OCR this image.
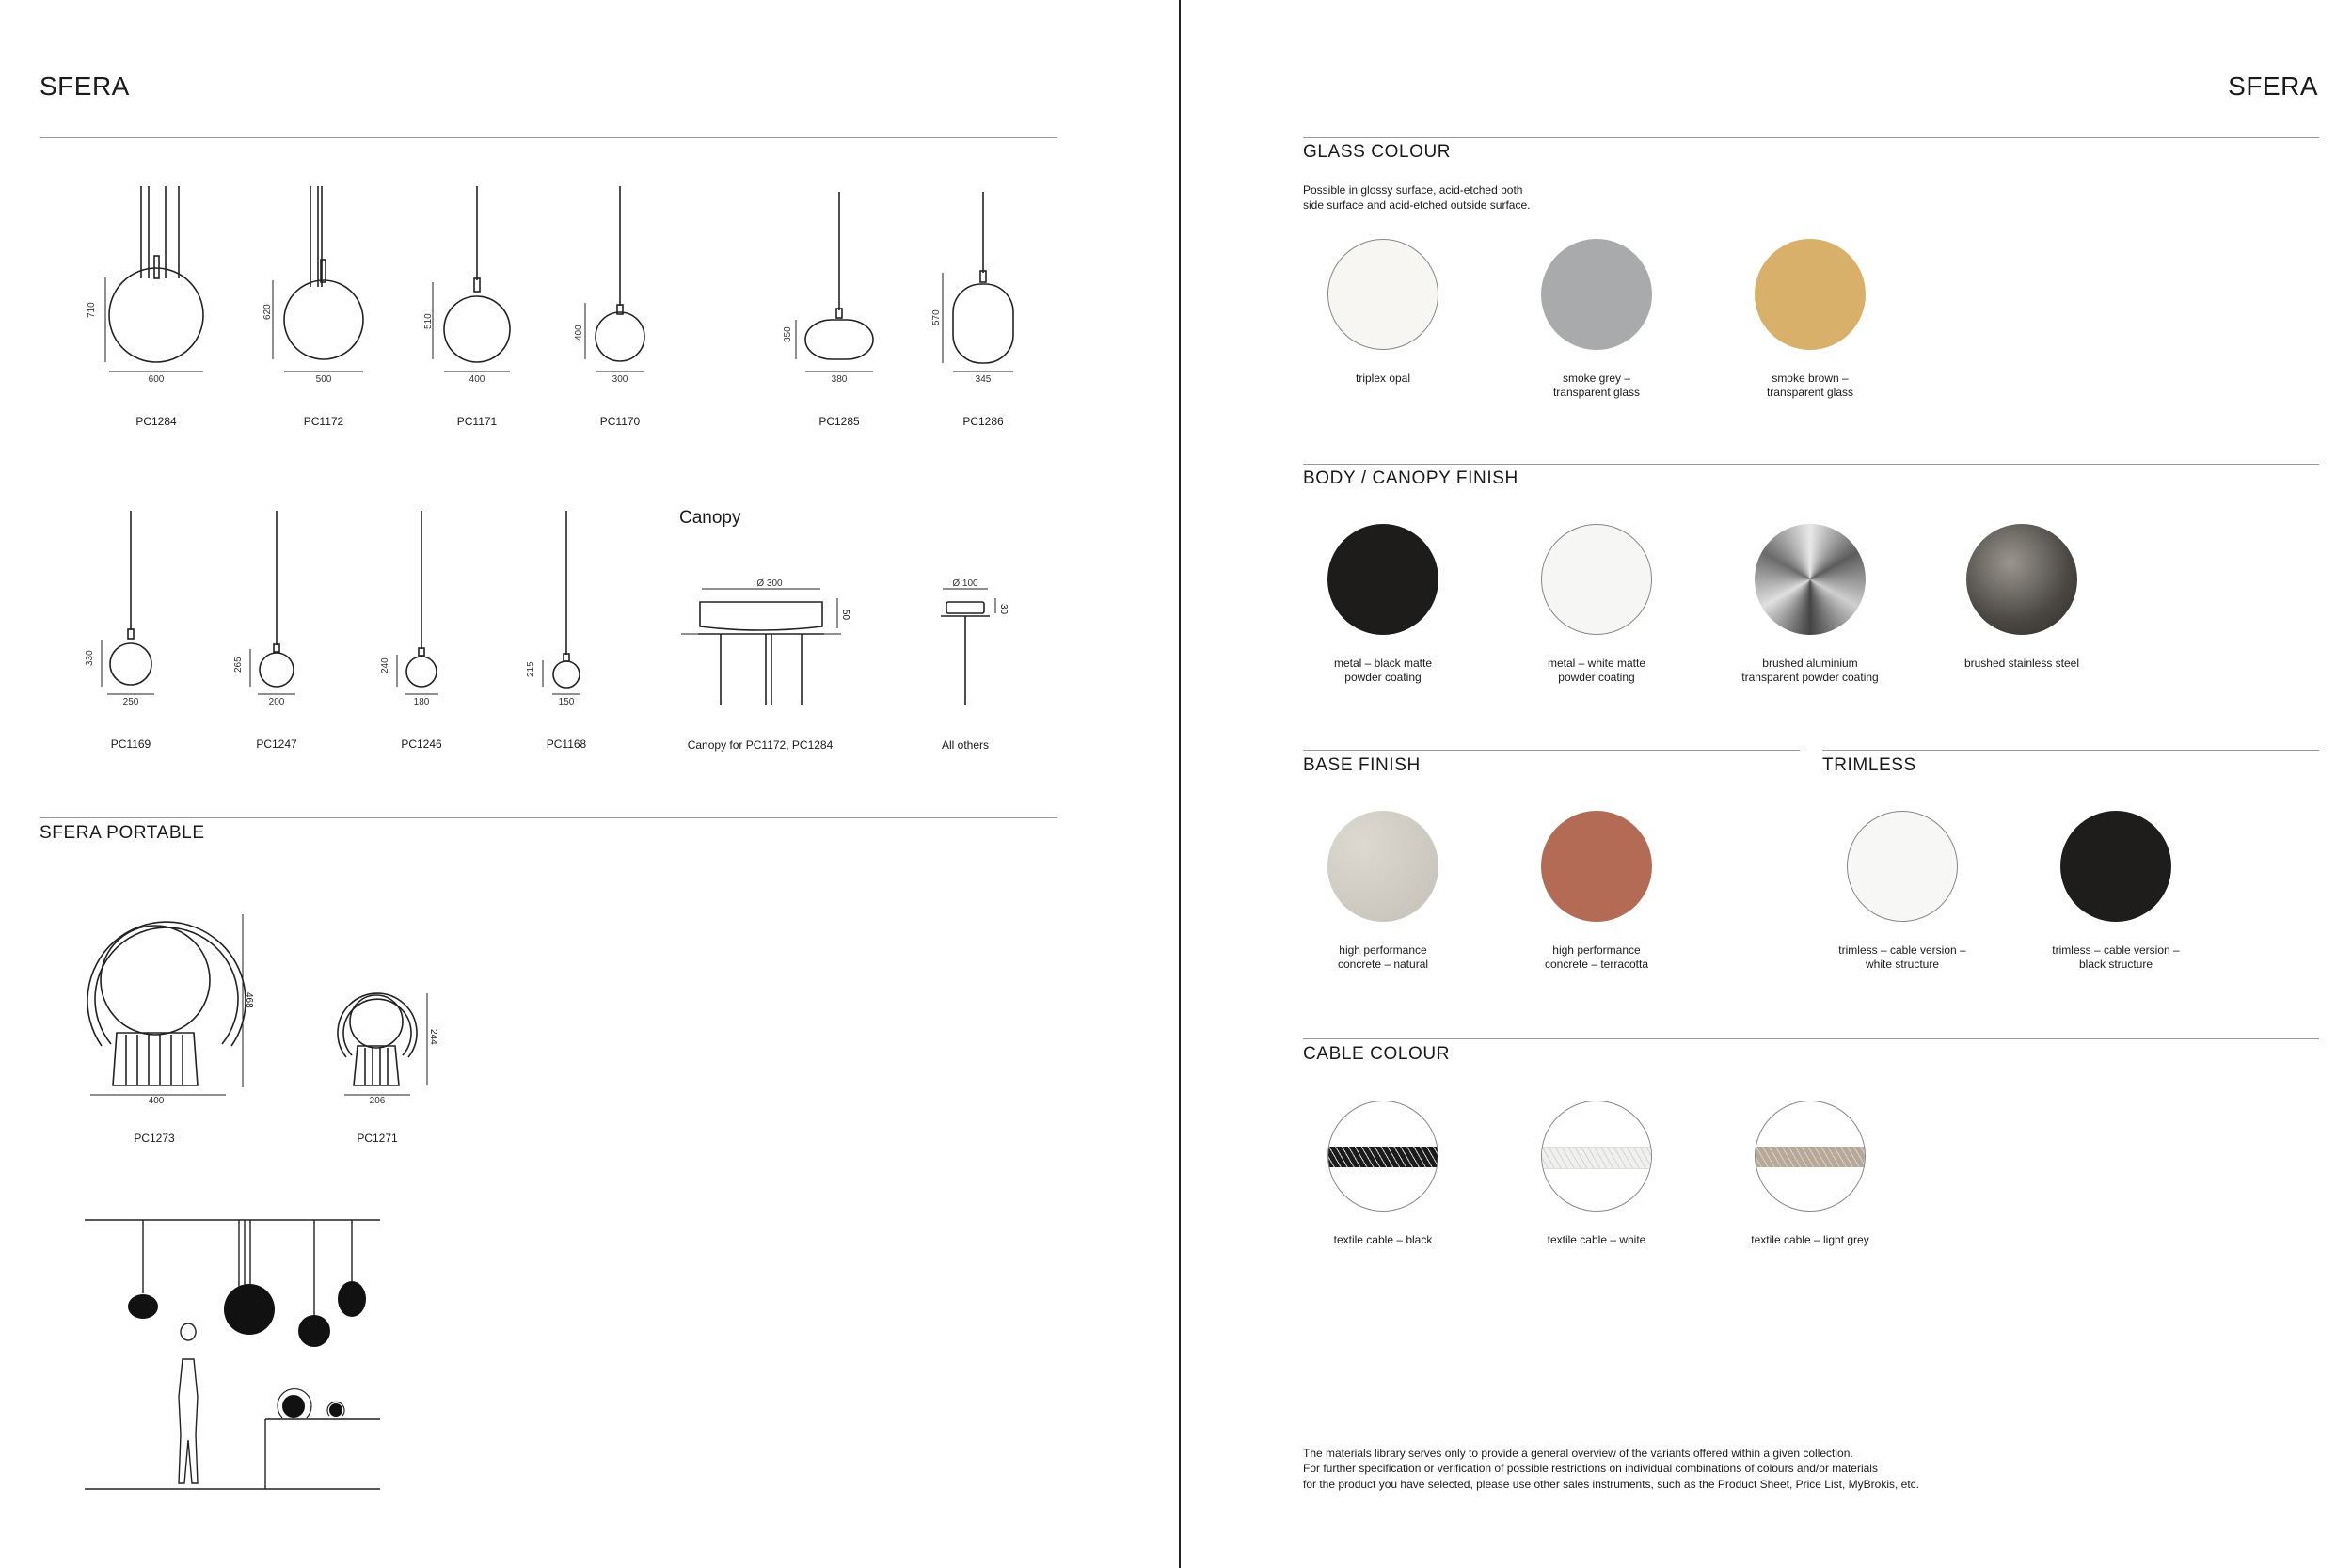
SFERA
600
710
PC1284
500
620
PC1172
400
510
PC1171
300
400
PC1170
380
350
PC1285
345
570
PC1286
250
330
PC1169
200
265
PC1247
180
240
PC1246
150
215
PC1168
Canopy
Ø 300
50
Canopy for PC1172, PC1284
Ø 100
30
All others
SFERA PORTABLE
400
468
PC1273
206
244
PC1271
SFERA
GLASS COLOUR
Possible in glossy surface, acid-etched both
side surface and acid-etched outside surface.
triplex opal	smoke grey –
transparent glass
smoke brown –
transparent glass
BODY / CANOPY FINISH
metal – black matte
powder coating
metal – white matte
powder coating
brushed aluminium
transparent powder coating
brushed stainless steel
BASE FINISH
high performance
concrete – natural
high performance
concrete – terracotta
TRIMLESS
trimless – cable version –
white structure
trimless – cable version –
black structure
CABLE COLOUR
textile cable – black	textile cable – white	textile cable – light grey
The materials library serves only to provide a general overview of the variants offered within a given collection.
For further specification or verification of possible restrictions on individual combinations of colours and/or materials
for the product you have selected, please use other sales instruments, such as the Product Sheet, Price List, MyBrokis, etc.
